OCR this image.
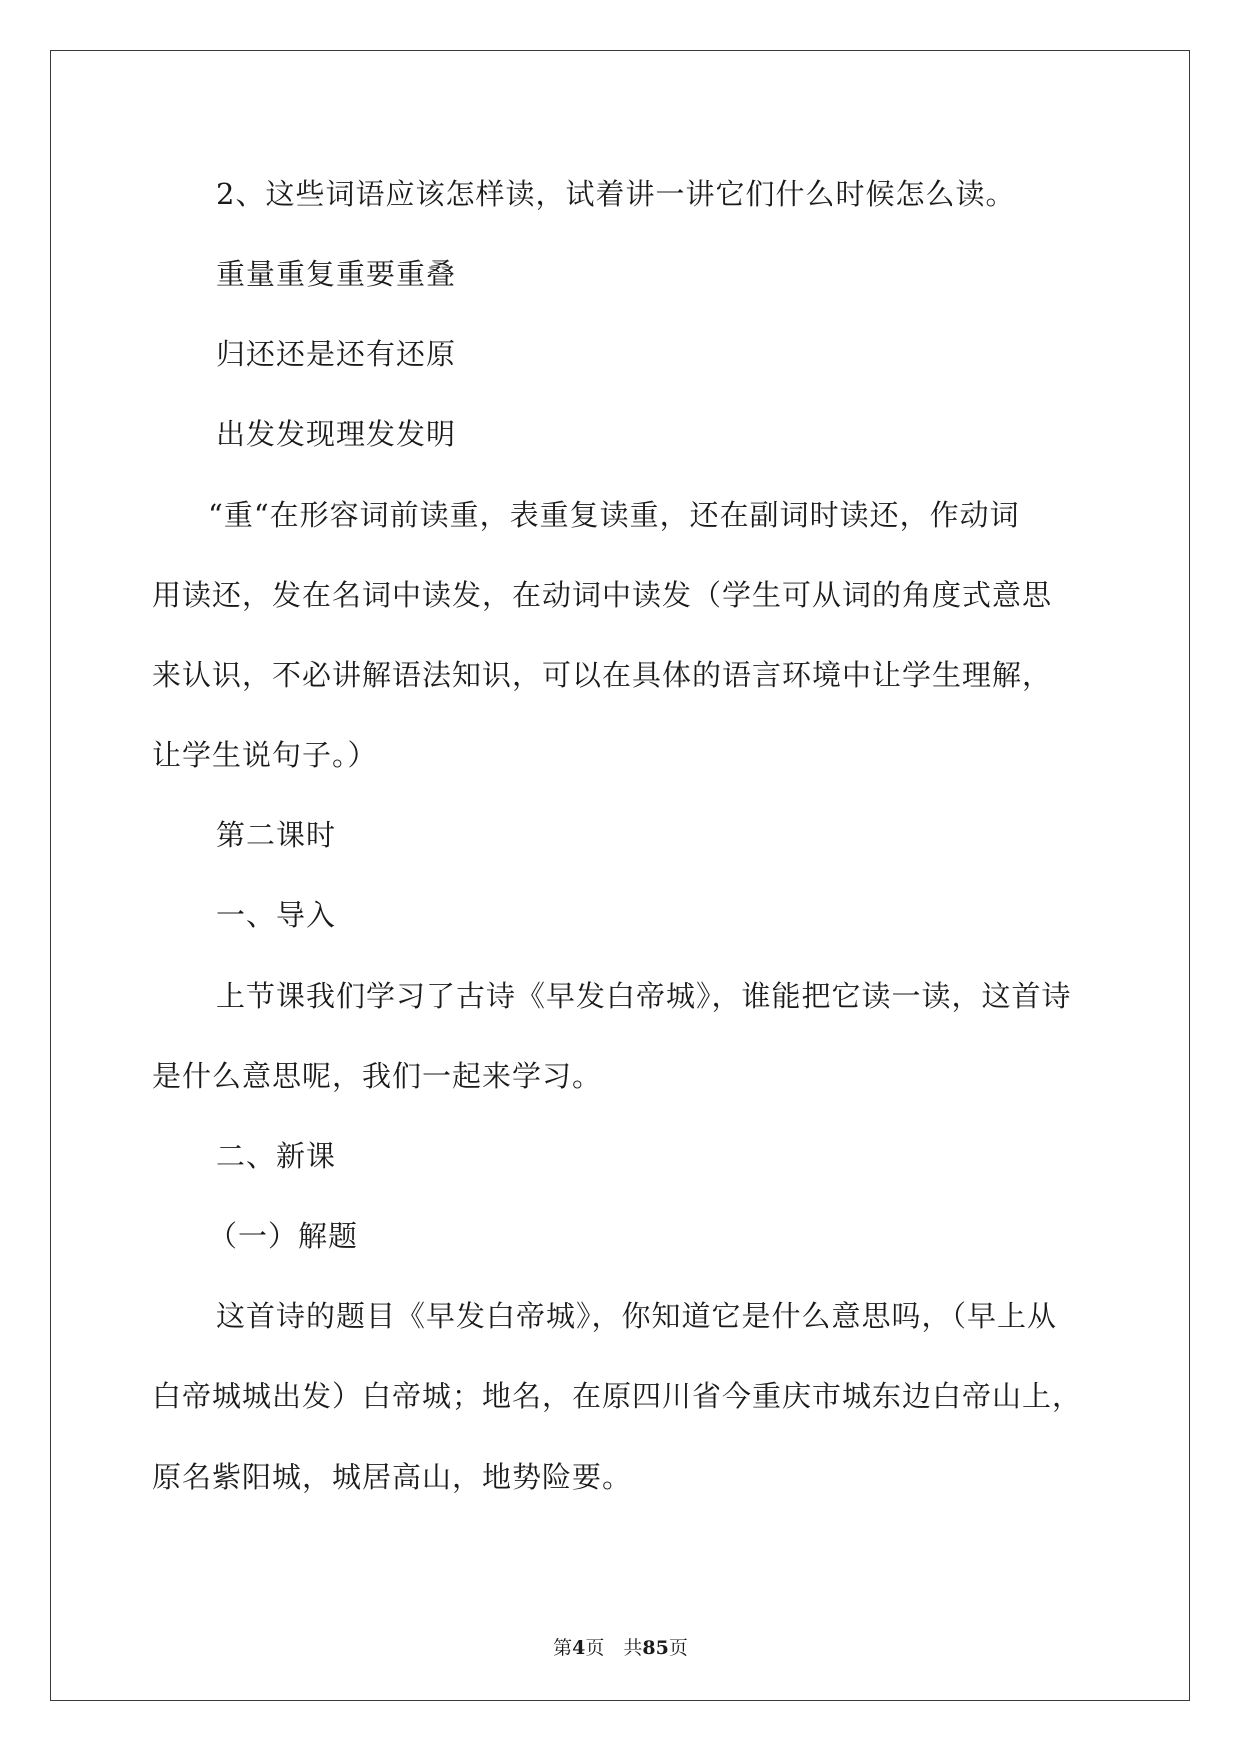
2、这些词语应该怎样读，试着讲一讲它们什么时候怎么读。
重量重复重要重叠
归还还是还有还原
出发发现理发发明
“重“在形容词前读重，表重复读重，还在副词时读还，作动词
用读还，发在名词中读发，在动词中读发（学生可从词的角度式意思
来认识，不必讲解语法知识，可以在具体的语言环境中让学生理解，
让学生说句子。）
第二课时
一、导入
上节课我们学习了古诗《早发白帝城》，谁能把它读一读，这首诗
是什么意思呢，我们一起来学习。
二、新课
（一）解题
这首诗的题目《早发白帝城》，你知道它是什么意思吗，（早上从
白帝城城出发）白帝城；地名，在原四川省今重庆市城东边白帝山上，
原名紫阳城，城居高山，地势险要。
第4页　共85页
